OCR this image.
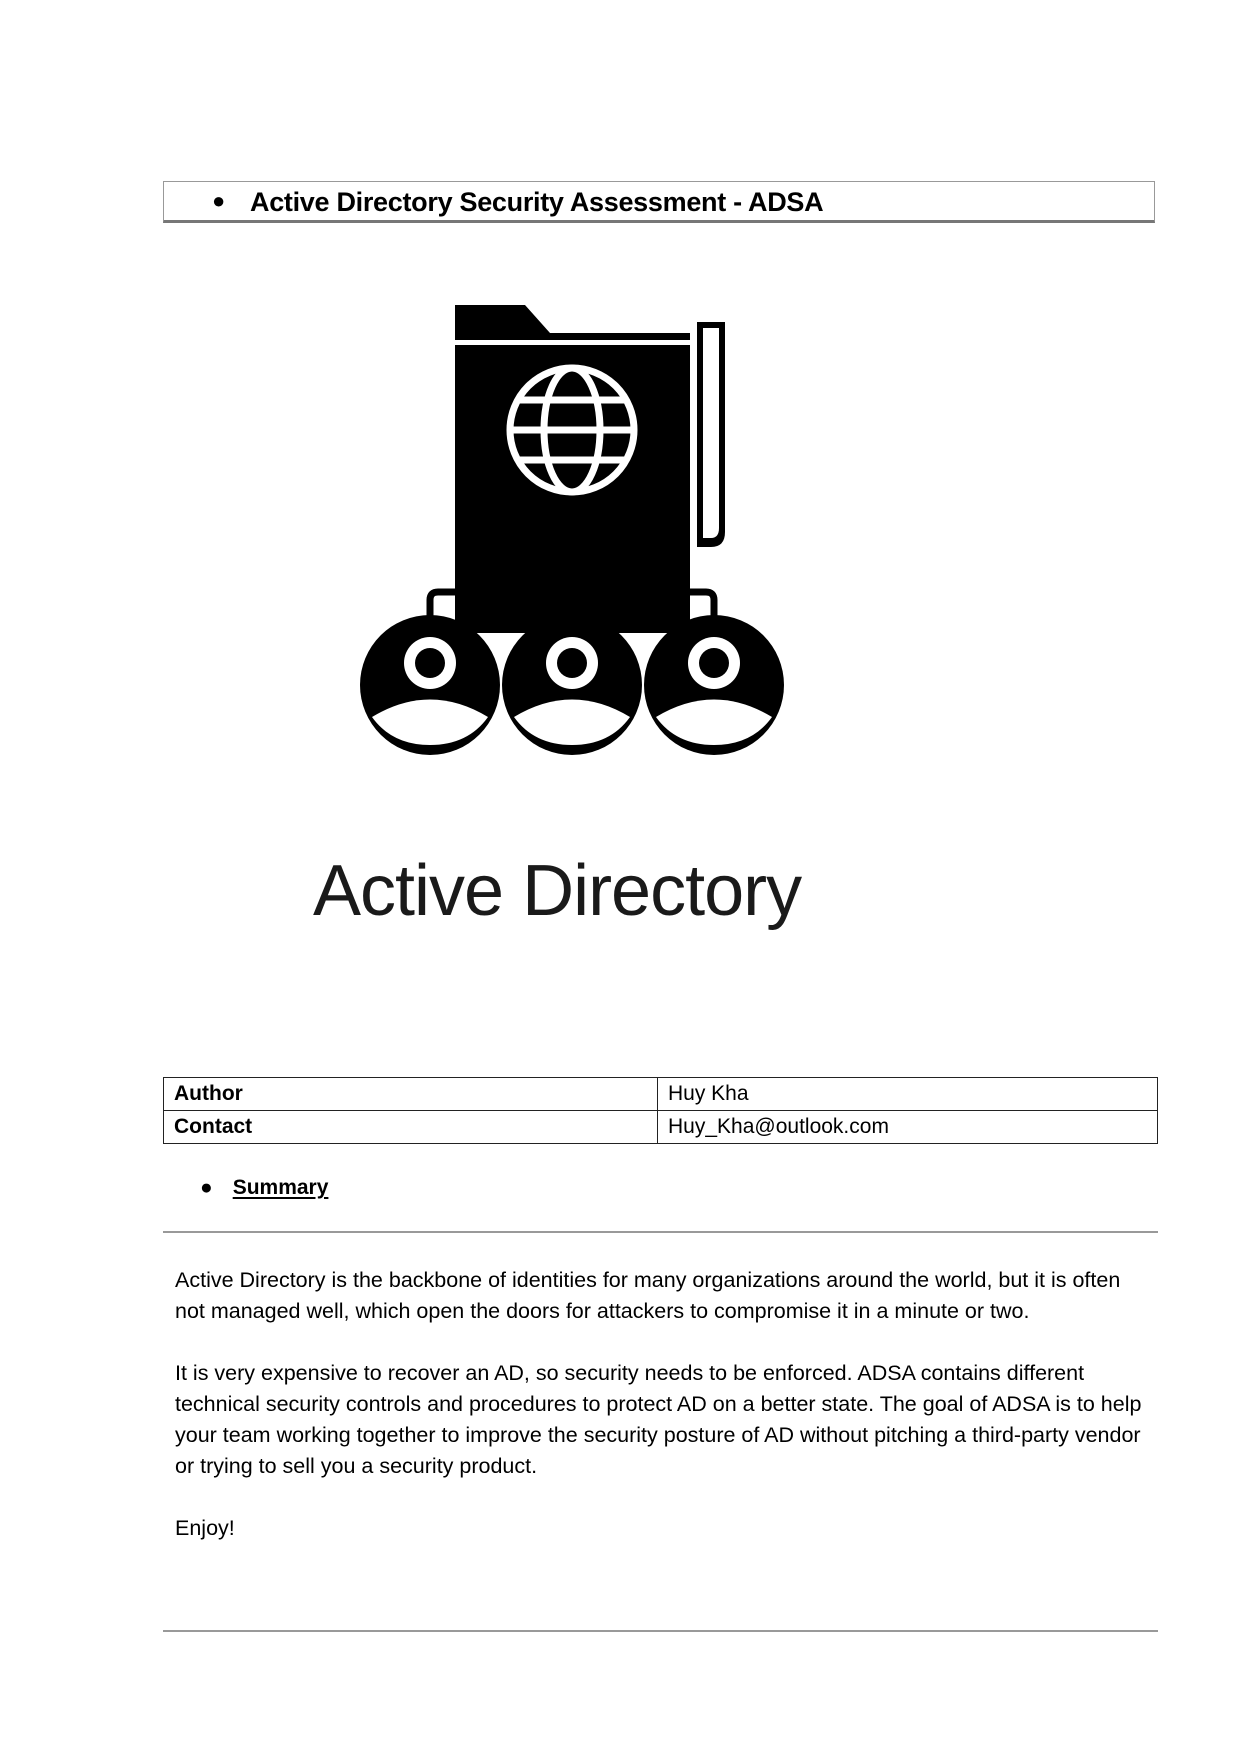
● Active Directory Security Assessment - ADSA
Active Directory
Author	Huy Kha
Contact	Huy_Kha@outlook.com
● Summary

Active Directory is the backbone of identities for many organizations around the world, but it is often not managed well, which open the doors for attackers to compromise it in a minute or two.

It is very expensive to recover an AD, so security needs to be enforced. ADSA contains different technical security controls and procedures to protect AD on a better state. The goal of ADSA is to help your team working together to improve the security posture of AD without pitching a third-party vendor or trying to sell you a security product.

Enjoy!
